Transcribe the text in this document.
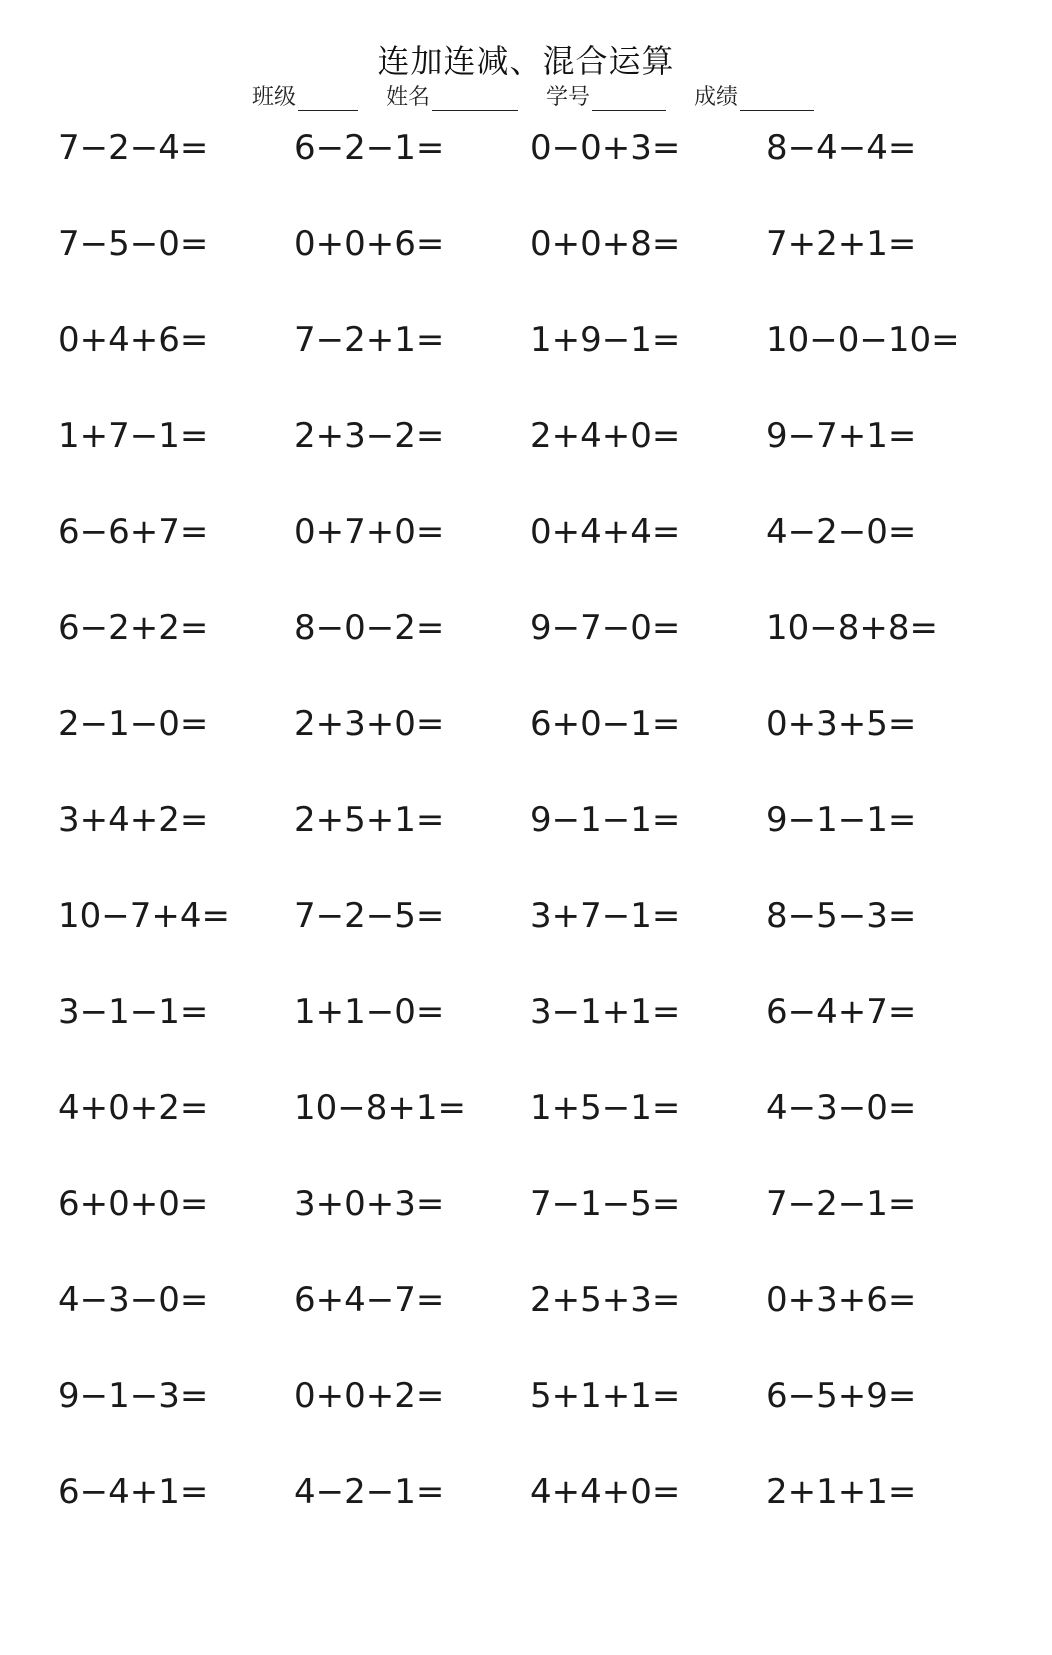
连加连减、混合运算
班级	姓名	学号	成绩
7−2−4=	6−2−1=	0−0+3=	8−4−4=
7−5−0=	0+0+6=	0+0+8=	7+2+1=
0+4+6=	7−2+1=	1+9−1=	10−0−10=
1+7−1=	2+3−2=	2+4+0=	9−7+1=
6−6+7=	0+7+0=	0+4+4=	4−2−0=
6−2+2=	8−0−2=	9−7−0=	10−8+8=
2−1−0=	2+3+0=	6+0−1=	0+3+5=
3+4+2=	2+5+1=	9−1−1=	9−1−1=
10−7+4=	7−2−5=	3+7−1=	8−5−3=
3−1−1=	1+1−0=	3−1+1=	6−4+7=
4+0+2=	10−8+1=	1+5−1=	4−3−0=
6+0+0=	3+0+3=	7−1−5=	7−2−1=
4−3−0=	6+4−7=	2+5+3=	0+3+6=
9−1−3=	0+0+2=	5+1+1=	6−5+9=
6−4+1=	4−2−1=	4+4+0=	2+1+1=
